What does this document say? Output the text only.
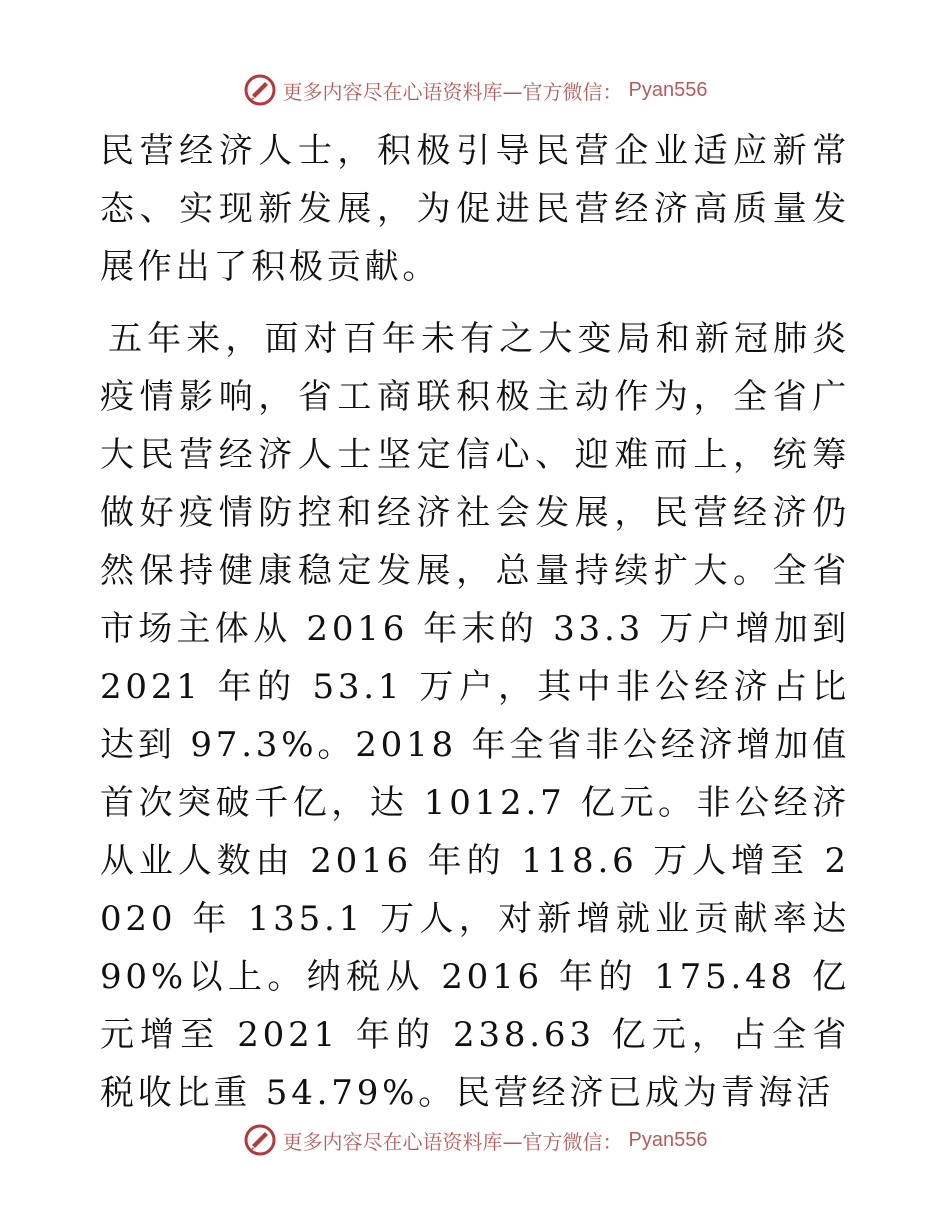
更多内容尽在心语资料库—官方微信： Pyan556

民营经济人士，积极引导民营企业适应新常态、实现新发展，为促进民营经济高质量发展作出了积极贡献。

五年来，面对百年未有之大变局和新冠肺炎疫情影响，省工商联积极主动作为，全省广大民营经济人士坚定信心、迎难而上，统筹做好疫情防控和经济社会发展，民营经济仍然保持健康稳定发展，总量持续扩大。全省市场主体从 2016 年末的 33.3 万户增加到 2021 年的 53.1 万户，其中非公经济占比达到 97.3%。2018 年全省非公经济增加值首次突破千亿，达 1012.7 亿元。非公经济从业人数由 2016 年的 118.6 万人增至 2020 年 135.1 万人，对新增就业贡献率达 90%以上。纳税从 2016 年的 175.48 亿元增至 2021 年的 238.63 亿元，占全省税收比重 54.79%。民营经济已成为青海活

更多内容尽在心语资料库—官方微信： Pyan556
